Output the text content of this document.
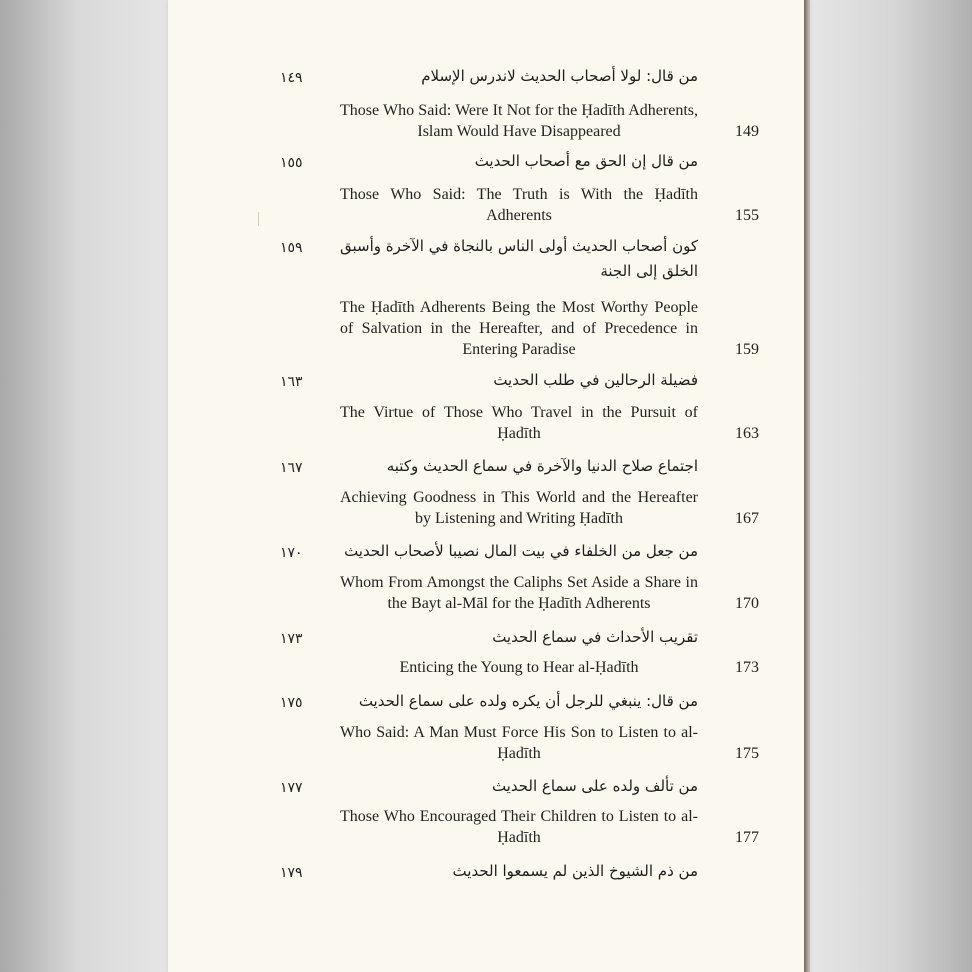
١٤٩	من قال: لولا أصحاب الحديث لاندرس الإسلام
Those Who Said: Were It Not for the Ḥadīth Adherents, Islam Would Have Disappeared	149
١٥٥	من قال إن الحق مع أصحاب الحديث
Those Who Said: The Truth is With the Ḥadīth Adherents	155
١٥٩	كون أصحاب الحديث أولى الناس بالنجاة في الآخرة وأسبق الخلق إلى الجنة
The Ḥadīth Adherents Being the Most Worthy People of Salvation in the Hereafter, and of Precedence in Entering Paradise	159
١٦٣	فضيلة الرحالين في طلب الحديث
The Virtue of Those Who Travel in the Pursuit of Ḥadīth	163
١٦٧	اجتماع صلاح الدنيا والآخرة في سماع الحديث وكتبه
Achieving Goodness in This World and the Hereafter by Listening and Writing Ḥadīth	167
١٧٠	من جعل من الخلفاء في بيت المال نصيبا لأصحاب الحديث
Whom From Amongst the Caliphs Set Aside a Share in the Bayt al-Māl for the Ḥadīth Adherents	170
١٧٣	تقريب الأحداث في سماع الحديث
Enticing the Young to Hear al-Ḥadīth	173
١٧٥	من قال: ينبغي للرجل أن يكره ولده على سماع الحديث
Who Said: A Man Must Force His Son to Listen to al-Ḥadīth	175
١٧٧	من تألف ولده على سماع الحديث
Those Who Encouraged Their Children to Listen to al-Ḥadīth	177
١٧٩	من ذم الشيوخ الذين لم يسمعوا الحديث
